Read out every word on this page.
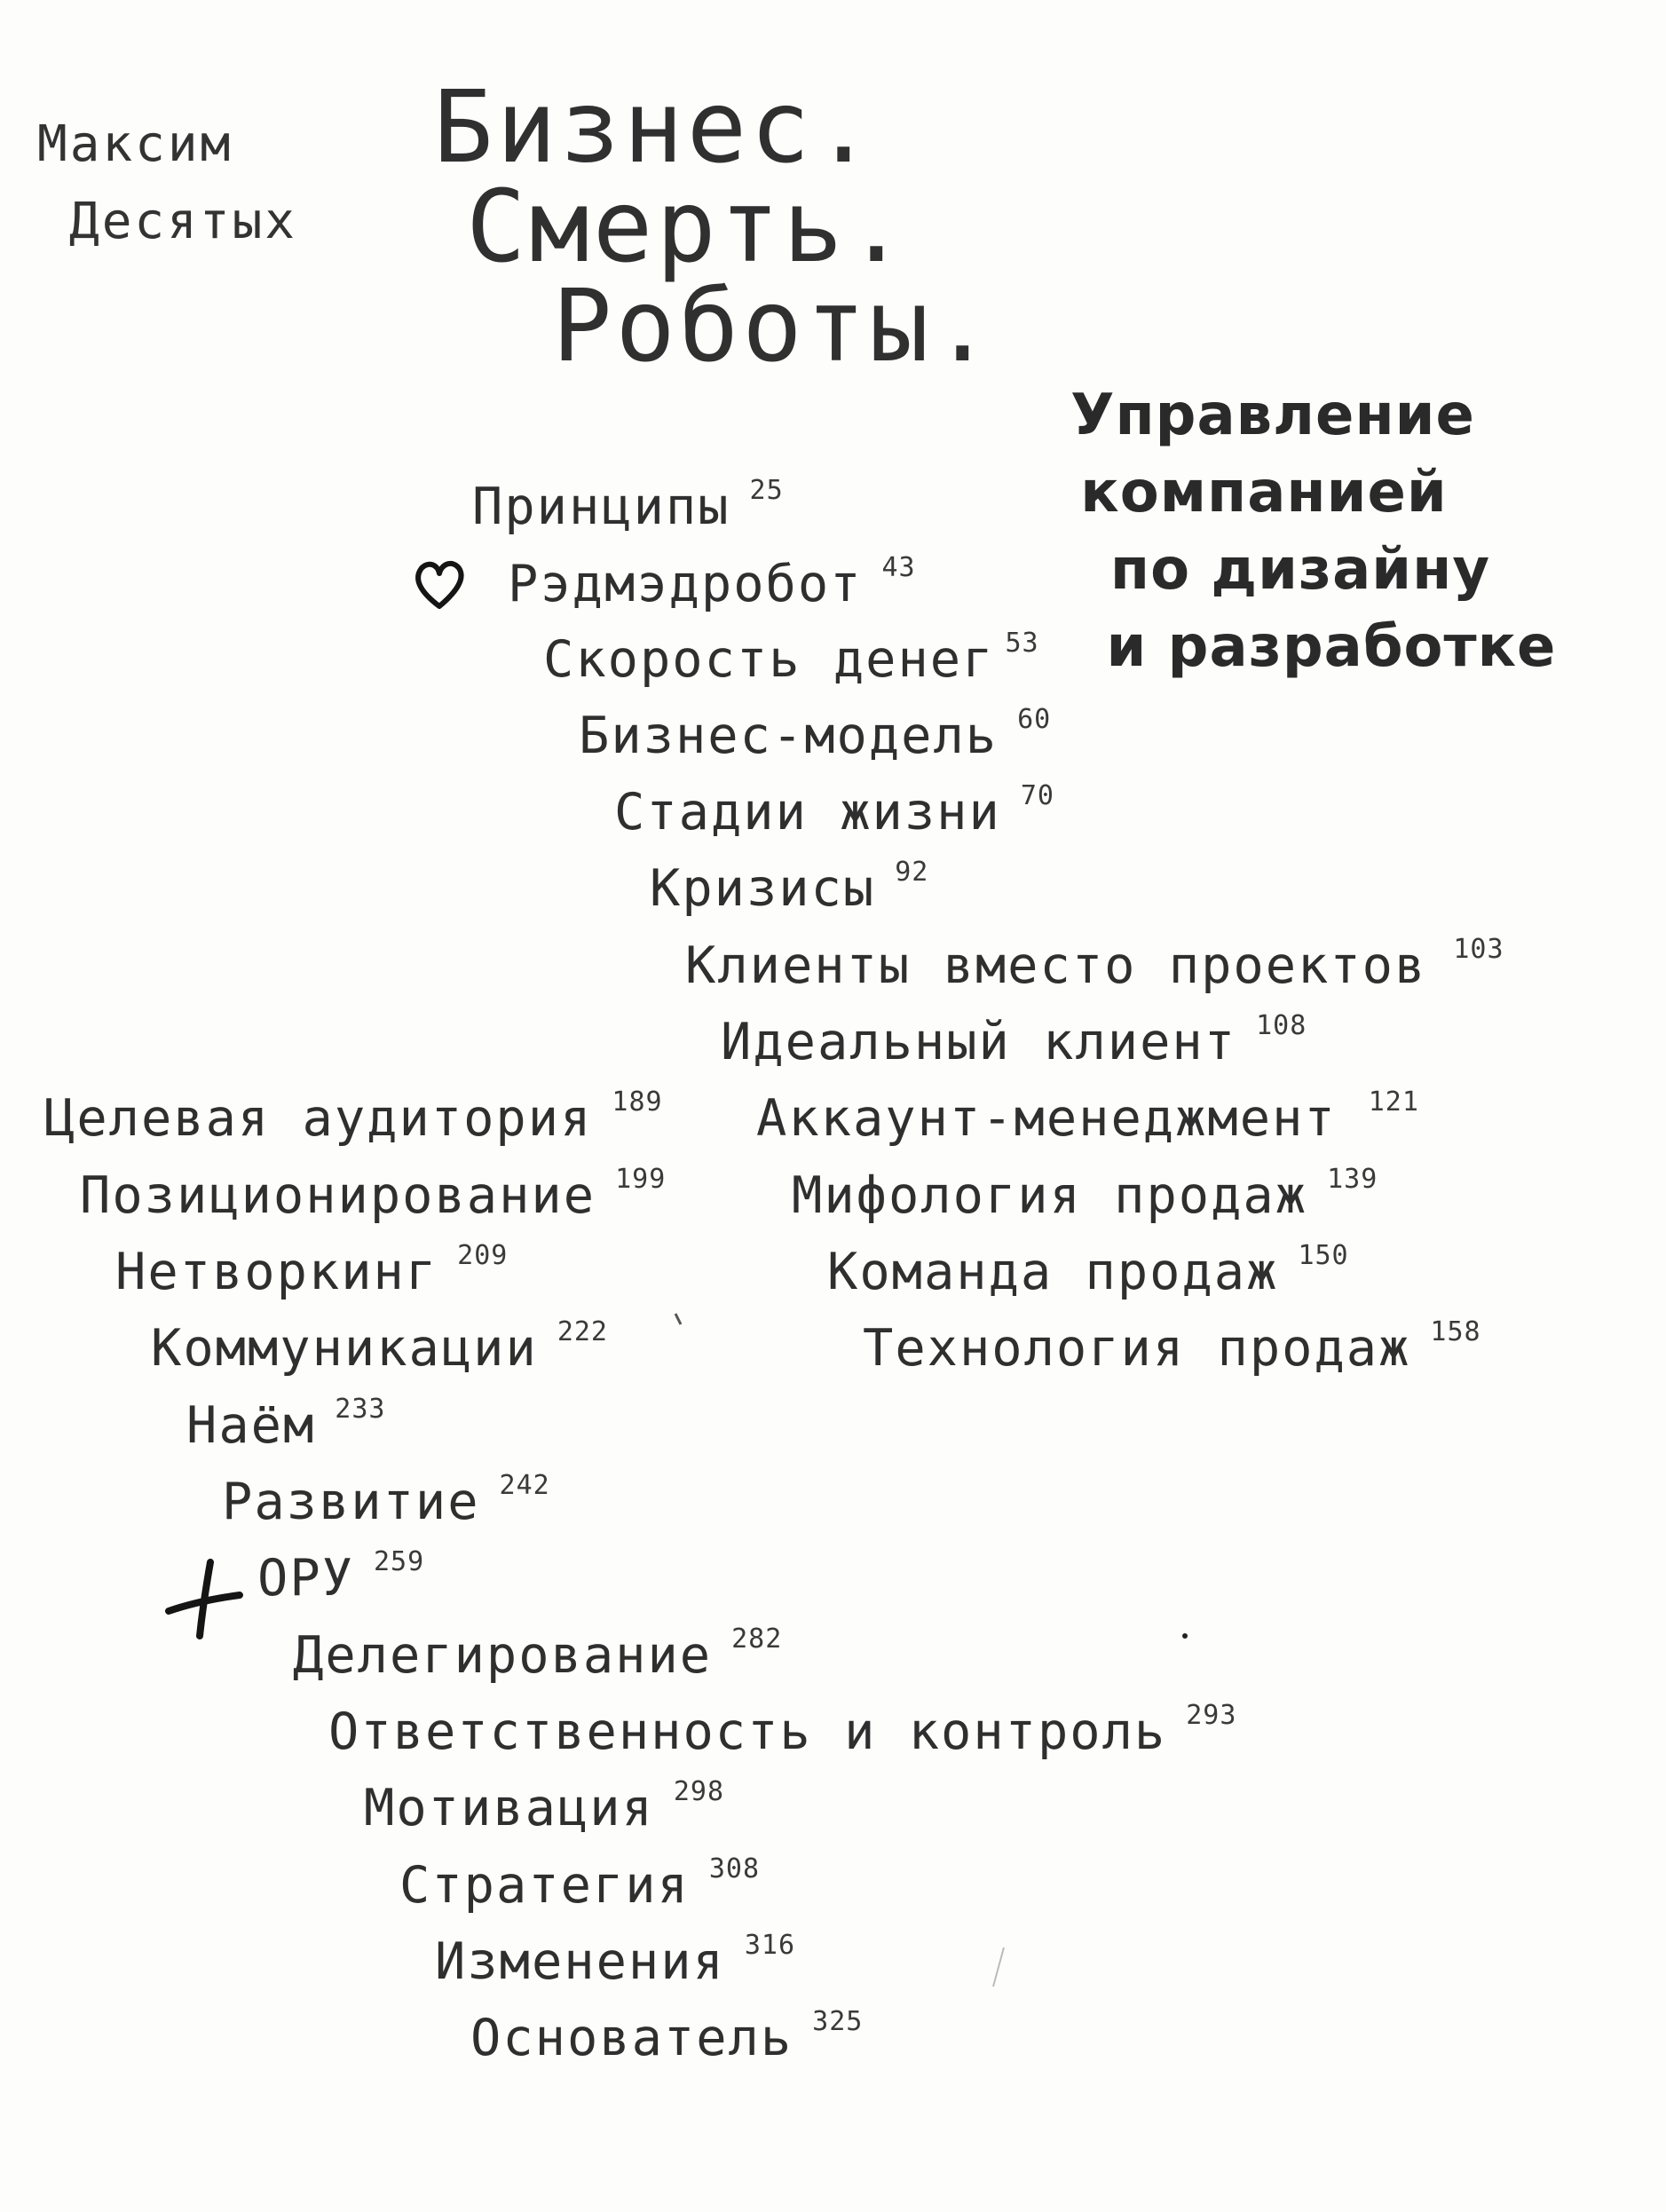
Максим
Десятых
Бизнес.
Смерть
.
Роботы.
Управление
компанией
по дизайну
и разработке
Принципы $^{25}$
Рэдмэдробот $^{43}$
Скорость денег $^{53}$
Бизнес-модель $^{60}$
Стадии жизни $^{70}$
Кризисы $^{92}$
Клиенты вместо проектов $^{103}$
Идеальный клиент $^{108}$
Аккаунт-менеджмент $^{121}$
Мифология продаж $^{139}$
Команда продаж $^{150}$
Технология продаж $^{158}$
Целевая аудитория $^{189}$
Позиционирование $^{199}$
Нетворкинг $^{209}$
Коммуникации $^{222}$
Наём $^{233}$
Развитие $^{242}$
ОРУ $^{259}$
Делегирование $^{282}$
Ответственность и контроль $^{293}$
Мотивация $^{298}$
Стратегия $^{308}$
Изменения $^{316}$
Основатель $^{325}$
